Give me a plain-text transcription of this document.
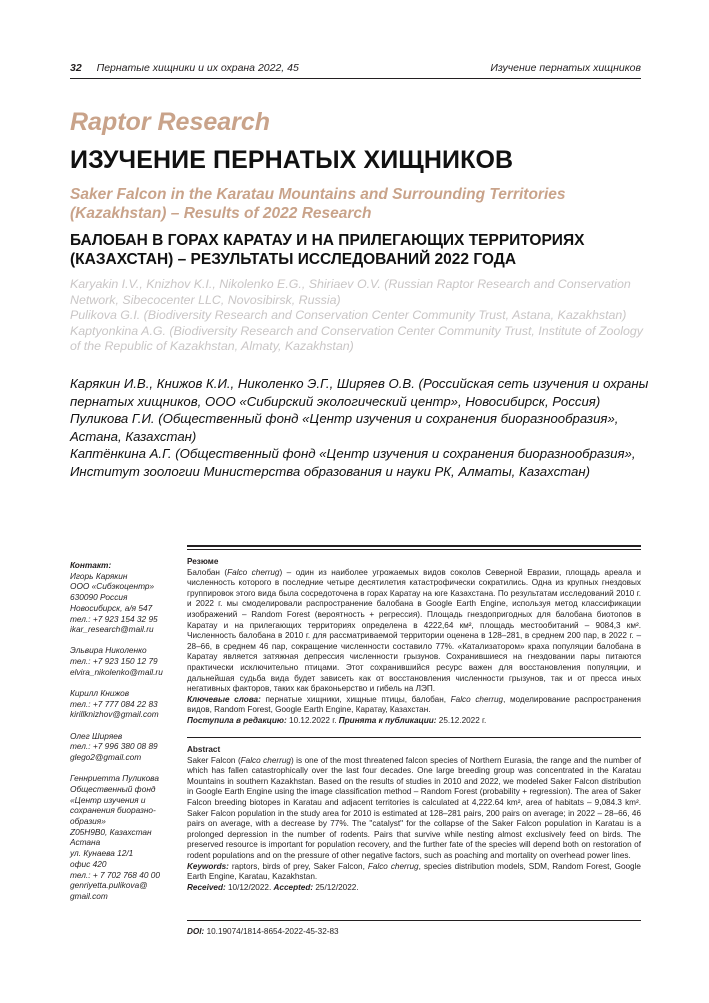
32 Пернатые хищники и их охрана 2022, 45	Изучение пернатых хищников
Raptor Research
ИЗУЧЕНИЕ ПЕРНАТЫХ ХИЩНИКОВ
Saker Falcon in the Karatau Mountains and Surrounding Territories (Kazakhstan) – Results of 2022 Research
БАЛОБАН В ГОРАХ КАРАТАУ И НА ПРИЛЕГАЮЩИХ ТЕРРИТОРИЯХ (КАЗАХСТАН) – РЕЗУЛЬТАТЫ ИССЛЕДОВАНИЙ 2022 ГОДА

Karyakin I.V., Knizhov K.I., Nikolenko E.G., Shiriaev O.V. (Russian Raptor Research and Conservation Network, Sibecocenter LLC, Novosibirsk, Russia)

Pulikova G.I. (Biodiversity Research and Conservation Center Community Trust, Astana, Kazakhstan)

Kaptyonkina A.G. (Biodiversity Research and Conservation Center Community Trust, Institute of Zoology of the Republic of Kazakhstan, Almaty, Kazakhstan)

Карякин И.В., Книжов К.И., Николенко Э.Г., Ширяев О.В. (Российская сеть изучения и охраны пернатых хищников, ООО «Сибирский экологический центр», Новосибирск, Россия)

Пуликова Г.И. (Общественный фонд «Центр изучения и сохранения биоразнообразия», Астана, Казахстан)

Каптёнкина А.Г. (Общественный фонд «Центр изучения и сохранения биоразнообразия», Институт зоологии Министерства образования и науки РК, Алматы, Казахстан)

Контакт:
Игорь Карякин
ООО «Сибэкоцентр»
630090 Россия
Новосибирск, а/я 547
тел.: +7 923 154 32 95
ikar_research@mail.ru
Эльвира Николенко
тел.: +7 923 150 12 79
elvira_nikolenko@mail.ru
Кирилл Книжов
тел.: +7 777 084 22 83
kirillknizhov@gmail.com
Олег Ширяев
тел.: +7 996 380 08 89
glego2@gmail.com
Геннриетта Пуликова
Общественный фонд
«Центр изучения и
сохранения биоразно-
образия»
Z05H9B0, Казахстан
Астана
ул. Кунаева 12/1
офис 420
тел.: + 7 702 768 40 00
genriyetta.pulikova@
gmail.com
Резюме
Балобан (Falco cherrug) – один из наиболее угрожаемых видов соколов Северной Евразии, площадь ареала и численность которого в последние четыре десятилетия катастрофически сократились. Одна из крупных гнездовых группировок этого вида была сосредоточена в горах Каратау на юге Казахстана. По результатам исследований 2010 г. и 2022 г. мы смоделировали распространение балобана в Google Earth Engine, используя метод классификации изображений – Random Forest (вероятность + регрессия). Площадь гнездопригодных для балобана биотопов в Каратау и на прилегающих территориях определена в 4222,64 км², площадь местообитаний – 9084,3 км². Численность балобана в 2010 г. для рассматриваемой территории оценена в 128–281, в среднем 200 пар, в 2022 г. – 28–66, в среднем 46 пар, сокращение численности составило 77%. «Катализатором» краха популяции балобана в Каратау является затяжная депрессия численности грызунов. Сохранившиеся на гнездовании пары питаются практически исключительно птицами. Этот сохранившийся ресурс важен для восстановления популяции, и дальнейшая судьба вида будет зависеть как от восстановления численности грызунов, так и от пресса иных негативных факторов, таких как браконьерство и гибель на ЛЭП.
Ключевые слова: пернатые хищники, хищные птицы, балобан, Falco cherrug, моделирование распространения видов, Random Forest, Google Earth Engine, Каратау, Казахстан.
Поступила в редакцию: 10.12.2022 г. Принята к публикации: 25.12.2022 г.
Abstract
Saker Falcon (Falco cherrug) is one of the most threatened falcon species of Northern Eurasia, the range and the number of which has fallen catastrophically over the last four decades. One large breeding group was concentrated in the Karatau Mountains in southern Kazakhstan. Based on the results of studies in 2010 and 2022, we modeled Saker Falcon distribution in Google Earth Engine using the image classification method – Random Forest (probability + regression). The area of Saker Falcon breeding biotopes in Karatau and adjacent territories is calculated at 4,222.64 km², area of habitats – 9,084.3 km². Saker Falcon population in the study area for 2010 is estimated at 128–281 pairs, 200 pairs on average; in 2022 – 28–66, 46 pairs on average, with a decrease by 77%. The "catalyst" for the collapse of the Saker Falcon population in Karatau is a prolonged depression in the number of rodents. Pairs that survive while nesting almost exclusively feed on birds. The preserved resource is important for population recovery, and the further fate of the species will depend both on restoration of rodent populations and on the pressure of other negative factors, such as poaching and mortality on overhead power lines.
Keywords: raptors, birds of prey, Saker Falcon, Falco cherrug, species distribution models, SDM, Random Forest, Google Earth Engine, Karatau, Kazakhstan.
Received: 10/12/2022. Accepted: 25/12/2022.
DOI: 10.19074/1814-8654-2022-45-32-83
